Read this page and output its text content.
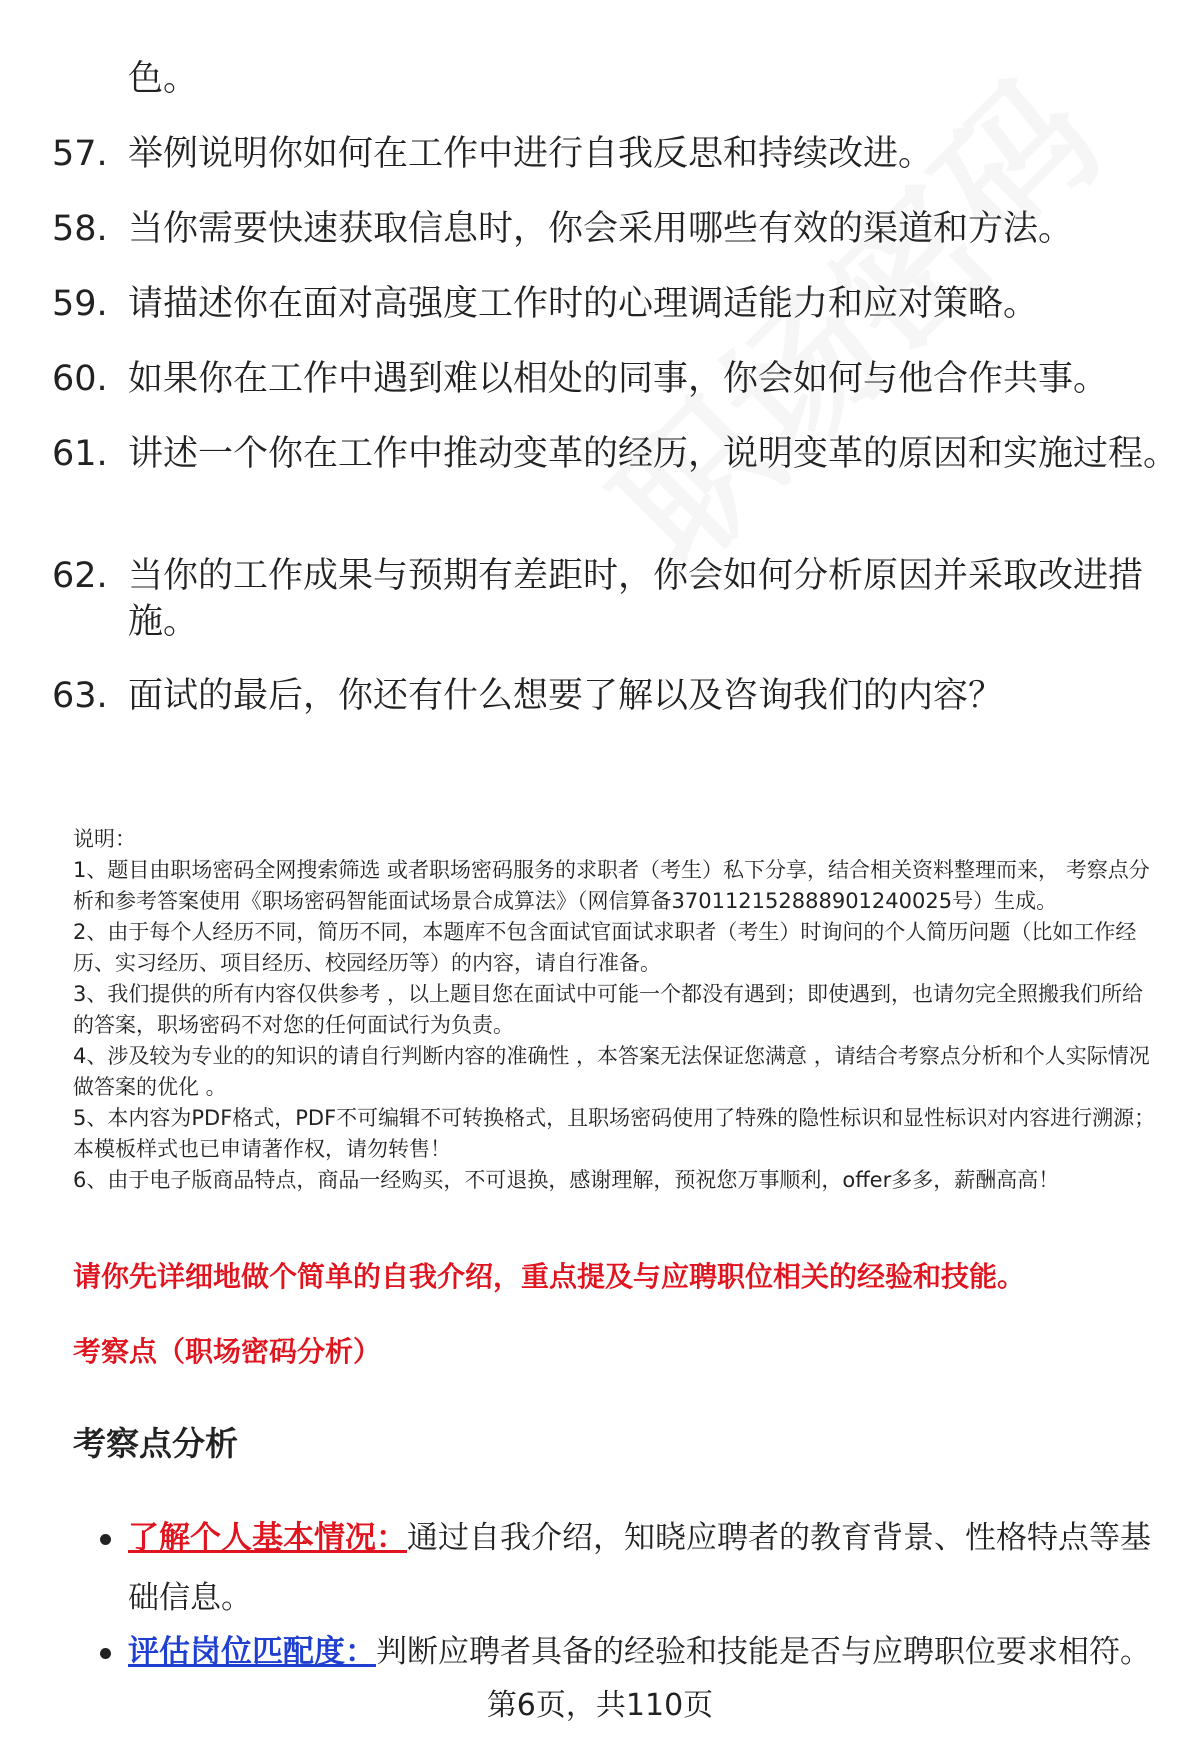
色。
57. 举例说明你如何在工作中进行自我反思和持续改进。
58. 当你需要快速获取信息时，你会采用哪些有效的渠道和方法。
59. 请描述你在面对高强度工作时的心理调适能力和应对策略。
60. 如果你在工作中遇到难以相处的同事，你会如何与他合作共事。
61. 讲述一个你在工作中推动变革的经历，说明变革的原因和实施过程。
62. 当你的工作成果与预期有差距时，你会如何分析原因并采取改进措施。
63. 面试的最后，你还有什么想要了解以及咨询我们的内容？
说明：
1、题目由职场密码全网搜索筛选 或者职场密码服务的求职者（考生）私下分享，结合相关资料整理而来， 考察点分析和参考答案使用《职场密码智能面试场景合成算法》（网信算备370112152888901240025号）生成。
2、由于每个人经历不同，简历不同，本题库不包含面试官面试求职者（考生）时询问的个人简历问题（比如工作经历、实习经历、项目经历、校园经历等）的内容，请自行准备。
3、我们提供的所有内容仅供参考 ，以上题目您在面试中可能一个都没有遇到；即使遇到，也请勿完全照搬我们所给的答案，职场密码不对您的任何面试行为负责。
4、涉及较为专业的的知识的请自行判断内容的准确性 ，本答案无法保证您满意 ，请结合考察点分析和个人实际情况做答案的优化 。
5、本内容为PDF格式，PDF不可编辑不可转换格式，且职场密码使用了特殊的隐性标识和显性标识对内容进行溯源；本模板样式也已申请著作权，请勿转售！
6、由于电子版商品特点，商品一经购买，不可退换，感谢理解，预祝您万事顺利，offer多多，薪酬高高！
请你先详细地做个简单的自我介绍，重点提及与应聘职位相关的经验和技能。
考察点（职场密码分析）
考察点分析
了解个人基本情况：通过自我介绍，知晓应聘者的教育背景、性格特点等基础信息。
评估岗位匹配度：判断应聘者具备的经验和技能是否与应聘职位要求相符。
第6页，共110页
